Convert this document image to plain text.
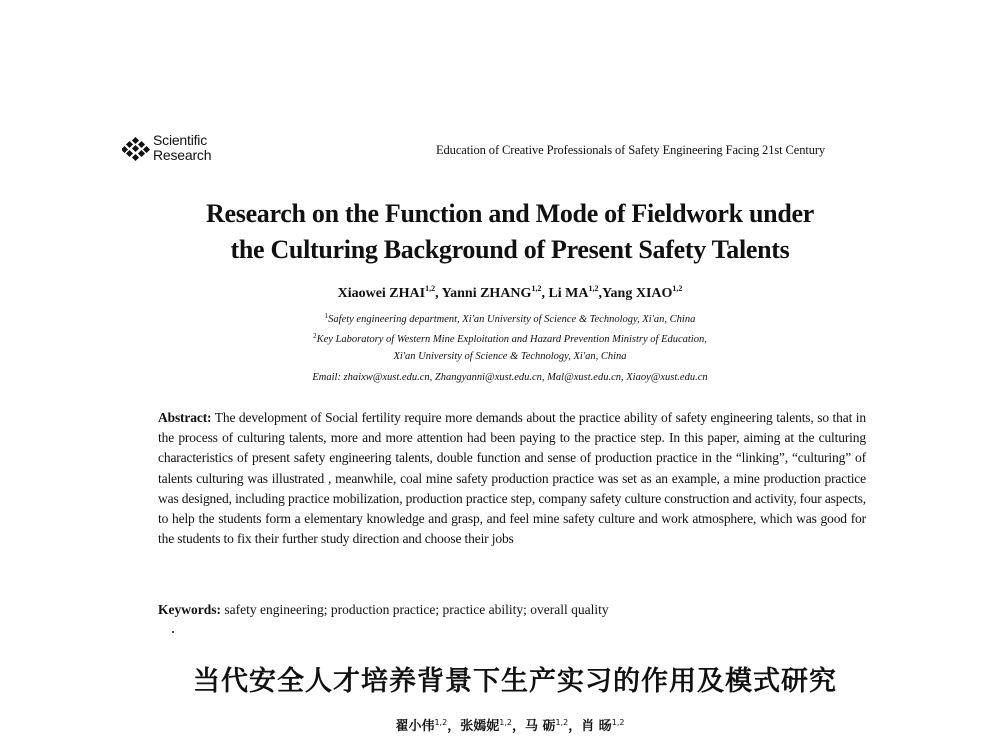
Scientific
Research	Education of Creative Professionals of Safety Engineering Facing 21st Century
Research on the Function and Mode of Fieldwork under
the Culturing Background of Present Safety Talents
Xiaowei ZHAI$^{1,2}$, Yanni ZHANG$^{1,2}$, Li MA$^{1,2}$,Yang XIAO$^{1,2}$
$^1$Safety engineering department, Xi'an University of Science & Technology, Xi'an, China
$^2$Key Laboratory of Western Mine Exploitation and Hazard Prevention Ministry of Education,
Xi'an University of Science & Technology, Xi'an, China
Email: zhaixw@xust.edu.cn, Zhangyanni@xust.edu.cn, Mal@xust.edu.cn, Xiaoy@xust.edu.cn
Abstract: The development of Social fertility require more demands about the practice ability of safety engineering talents, so that in the process of culturing talents, more and more attention had been paying to the practice step. In this paper, aiming at the culturing characteristics of present safety engineering talents, double function and sense of production practice in the “linking”, “culturing” of talents culturing was illustrated , meanwhile, coal mine safety production practice was set as an example, a mine production practice was designed, including practice mobilization, production practice step, company safety culture construction and activity, four aspects, to help the students form a elementary knowledge and grasp, and feel mine safety culture and work atmosphere, which was good for the students to fix their further study direction and choose their jobs
Keywords: safety engineering; production practice; practice ability; overall quality
当代安全人才培养背景下生产实习的作用及模式研究
翟小伟$^{1,2}$，张嫣妮$^{1,2}$，马 砺$^{1,2}$，肖 旸$^{1,2}$
